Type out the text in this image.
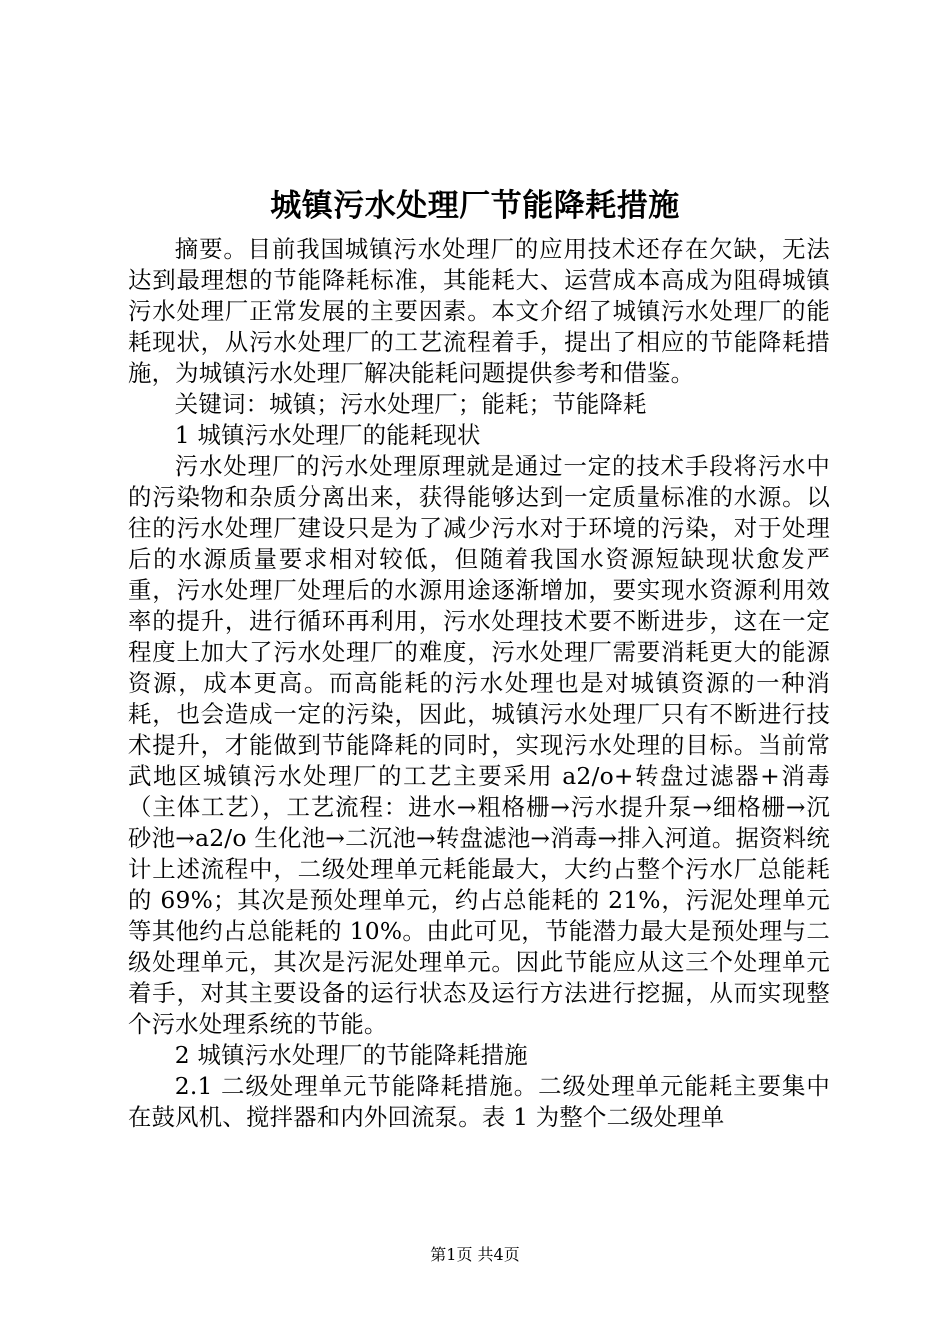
城镇污水处理厂节能降耗措施

摘要。目前我国城镇污水处理厂的应用技术还存在欠缺，无法达到最理想的节能降耗标准，其能耗大、运营成本高成为阻碍城镇污水处理厂正常发展的主要因素。本文介绍了城镇污水处理厂的能耗现状，从污水处理厂的工艺流程着手，提出了相应的节能降耗措施，为城镇污水处理厂解决能耗问题提供参考和借鉴。

关键词：城镇；污水处理厂；能耗；节能降耗

1 城镇污水处理厂的能耗现状

污水处理厂的污水处理原理就是通过一定的技术手段将污水中的污染物和杂质分离出来，获得能够达到一定质量标准的水源。以往的污水处理厂建设只是为了减少污水对于环境的污染，对于处理后的水源质量要求相对较低，但随着我国水资源短缺现状愈发严重，污水处理厂处理后的水源用途逐渐增加，要实现水资源利用效率的提升，进行循环再利用，污水处理技术要不断进步，这在一定程度上加大了污水处理厂的难度，污水处理厂需要消耗更大的能源资源，成本更高。而高能耗的污水处理也是对城镇资源的一种消耗，也会造成一定的污染，因此，城镇污水处理厂只有不断进行技术提升，才能做到节能降耗的同时，实现污水处理的目标。当前常武地区城镇污水处理厂的工艺主要采用 a2/o+转盘过滤器+消毒（主体工艺），工艺流程：进水→粗格栅→污水提升泵→细格栅→沉砂池→a2/o 生化池→二沉池→转盘滤池→消毒→排入河道。据资料统计上述流程中，二级处理单元耗能最大，大约占整个污水厂总能耗的 69%；其次是预处理单元，约占总能耗的 21%，污泥处理单元等其他约占总能耗的 10%。由此可见，节能潜力最大是预处理与二级处理单元，其次是污泥处理单元。因此节能应从这三个处理单元着手，对其主要设备的运行状态及运行方法进行挖掘，从而实现整个污水处理系统的节能。

2 城镇污水处理厂的节能降耗措施

2.1 二级处理单元节能降耗措施。二级处理单元能耗主要集中在鼓风机、搅拌器和内外回流泵。表 1 为整个二级处理单

第1页 共4页
